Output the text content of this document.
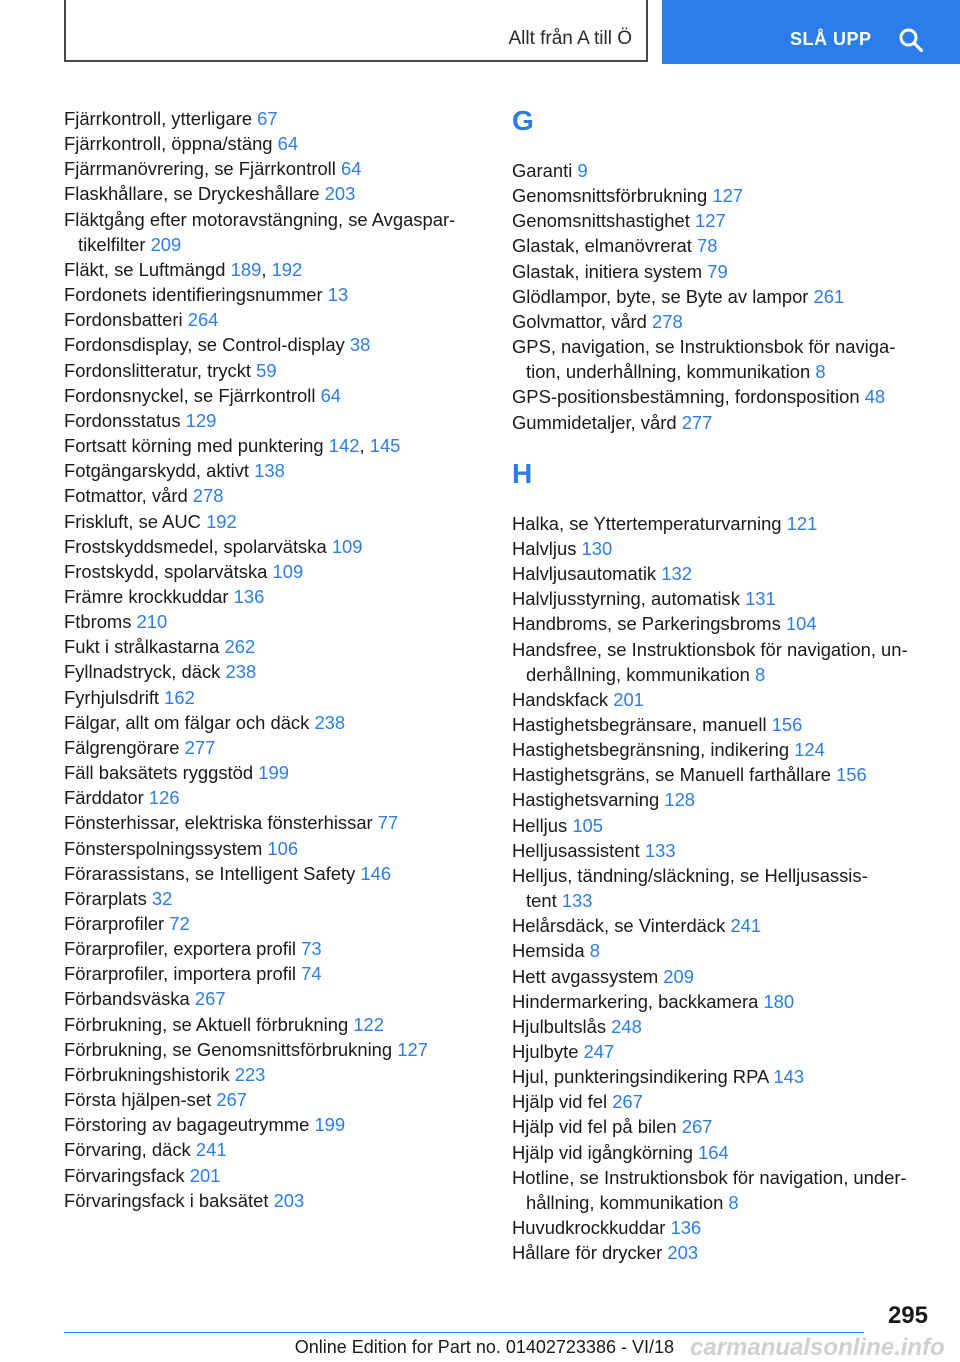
Allt från A till Ö	SLÅ UPP
Fjärrkontroll, ytterligare 67
Fjärrkontroll, öppna/stäng 64
Fjärrmanövrering, se Fjärrkontroll 64
Flaskhållare, se Dryckeshållare 203
Fläktgång efter motoravstängning, se Avgaspar-
tikelfilter 209
Fläkt, se Luftmängd 189, 192
Fordonets identifieringsnummer 13
Fordonsbatteri 264
Fordonsdisplay, se Control-display 38
Fordonslitteratur, tryckt 59
Fordonsnyckel, se Fjärrkontroll 64
Fordonsstatus 129
Fortsatt körning med punktering 142, 145
Fotgängarskydd, aktivt 138
Fotmattor, vård 278
Friskluft, se AUC 192
Frostskyddsmedel, spolarvätska 109
Frostskydd, spolarvätska 109
Främre krockkuddar 136
Ftbroms 210
Fukt i strålkastarna 262
Fyllnadstryck, däck 238
Fyrhjulsdrift 162
Fälgar, allt om fälgar och däck 238
Fälgrengörare 277
Fäll baksätets ryggstöd 199
Färddator 126
Fönsterhissar, elektriska fönsterhissar 77
Fönsterspolningssystem 106
Förarassistans, se Intelligent Safety 146
Förarplats 32
Förarprofiler 72
Förarprofiler, exportera profil 73
Förarprofiler, importera profil 74
Förbandsväska 267
Förbrukning, se Aktuell förbrukning 122
Förbrukning, se Genomsnittsförbrukning 127
Förbrukningshistorik 223
Första hjälpen-set 267
Förstoring av bagageutrymme 199
Förvaring, däck 241
Förvaringsfack 201
Förvaringsfack i baksätet 203
G
Garanti 9
Genomsnittsförbrukning 127
Genomsnittshastighet 127
Glastak, elmanövrerat 78
Glastak, initiera system 79
Glödlampor, byte, se Byte av lampor 261
Golvmattor, vård 278
GPS, navigation, se Instruktionsbok för naviga-
tion, underhållning, kommunikation 8
GPS-positionsbestämning, fordonsposition 48
Gummidetaljer, vård 277
H
Halka, se Yttertemperaturvarning 121
Halvljus 130
Halvljusautomatik 132
Halvljusstyrning, automatisk 131
Handbroms, se Parkeringsbroms 104
Handsfree, se Instruktionsbok för navigation, un-
derhållning, kommunikation 8
Handskfack 201
Hastighetsbegränsare, manuell 156
Hastighetsbegränsning, indikering 124
Hastighetsgräns, se Manuell farthållare 156
Hastighetsvarning 128
Helljus 105
Helljusassistent 133
Helljus, tändning/släckning, se Helljusassis-
tent 133
Helårsdäck, se Vinterdäck 241
Hemsida 8
Hett avgassystem 209
Hindermarkering, backkamera 180
Hjulbultslås 248
Hjulbyte 247
Hjul, punkteringsindikering RPA 143
Hjälp vid fel 267
Hjälp vid fel på bilen 267
Hjälp vid igångkörning 164
Hotline, se Instruktionsbok för navigation, under-
hållning, kommunikation 8
Huvudkrockkuddar 136
Hållare för drycker 203
295
Online Edition for Part no. 01402723386 - VI/18 carmanualsonline.info
